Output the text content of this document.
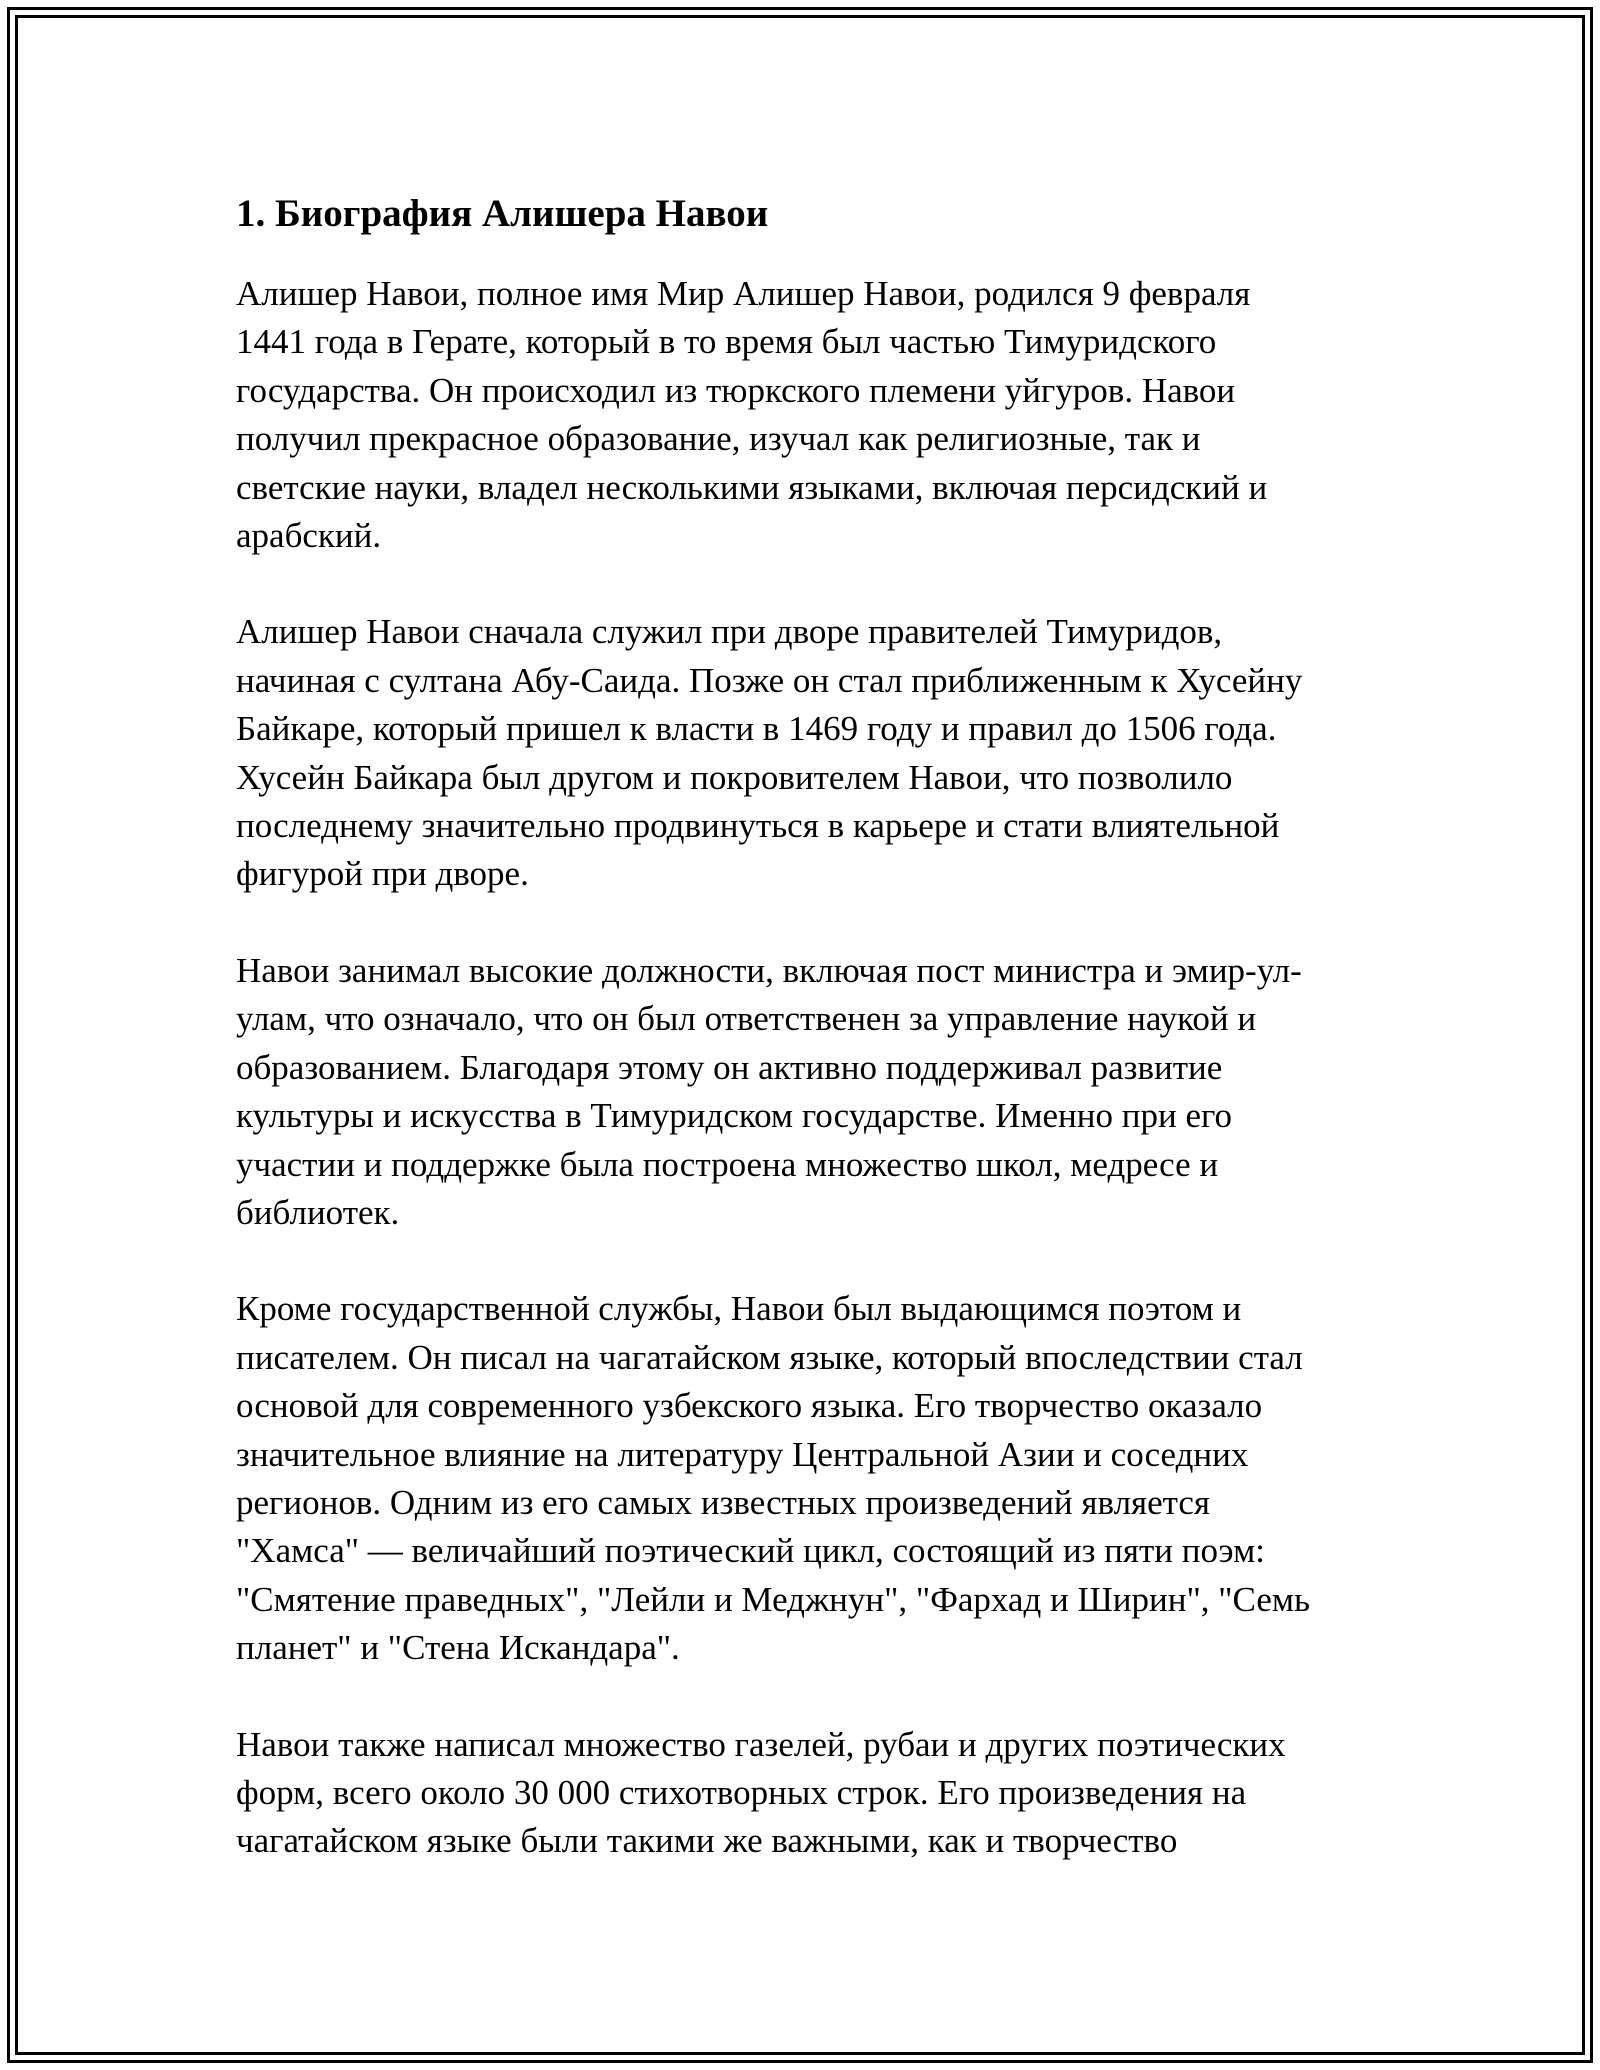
1. Биография Алишера Навои

Алишер Навои, полное имя Мир Алишер Навои, родился 9 февраля
1441 года в Герате, который в то время был частью Тимуридского
государства. Он происходил из тюркского племени уйгуров. Навои
получил прекрасное образование, изучал как религиозные, так и
светские науки, владел несколькими языками, включая персидский и
арабский.

Алишер Навои сначала служил при дворе правителей Тимуридов,
начиная с султана Абу-Саида. Позже он стал приближенным к Хусейну
Байкаре, который пришел к власти в 1469 году и правил до 1506 года.
Хусейн Байкара был другом и покровителем Навои, что позволило
последнему значительно продвинуться в карьере и стати влиятельной
фигурой при дворе.

Навои занимал высокие должности, включая пост министра и эмир-ул-
улам, что означало, что он был ответственен за управление наукой и
образованием. Благодаря этому он активно поддерживал развитие
культуры и искусства в Тимуридском государстве. Именно при его
участии и поддержке была построена множество школ, медресе и
библиотек.

Кроме государственной службы, Навои был выдающимся поэтом и
писателем. Он писал на чагатайском языке, который впоследствии стал
основой для современного узбекского языка. Его творчество оказало
значительное влияние на литературу Центральной Азии и соседних
регионов. Одним из его самых известных произведений является
"Хамса" — величайший поэтический цикл, состоящий из пяти поэм:
"Смятение праведных", "Лейли и Меджнун", "Фархад и Ширин", "Семь
планет" и "Стена Искандара".

Навои также написал множество газелей, рубаи и других поэтических
форм, всего около 30 000 стихотворных строк. Его произведения на
чагатайском языке были такими же важными, как и творчество
